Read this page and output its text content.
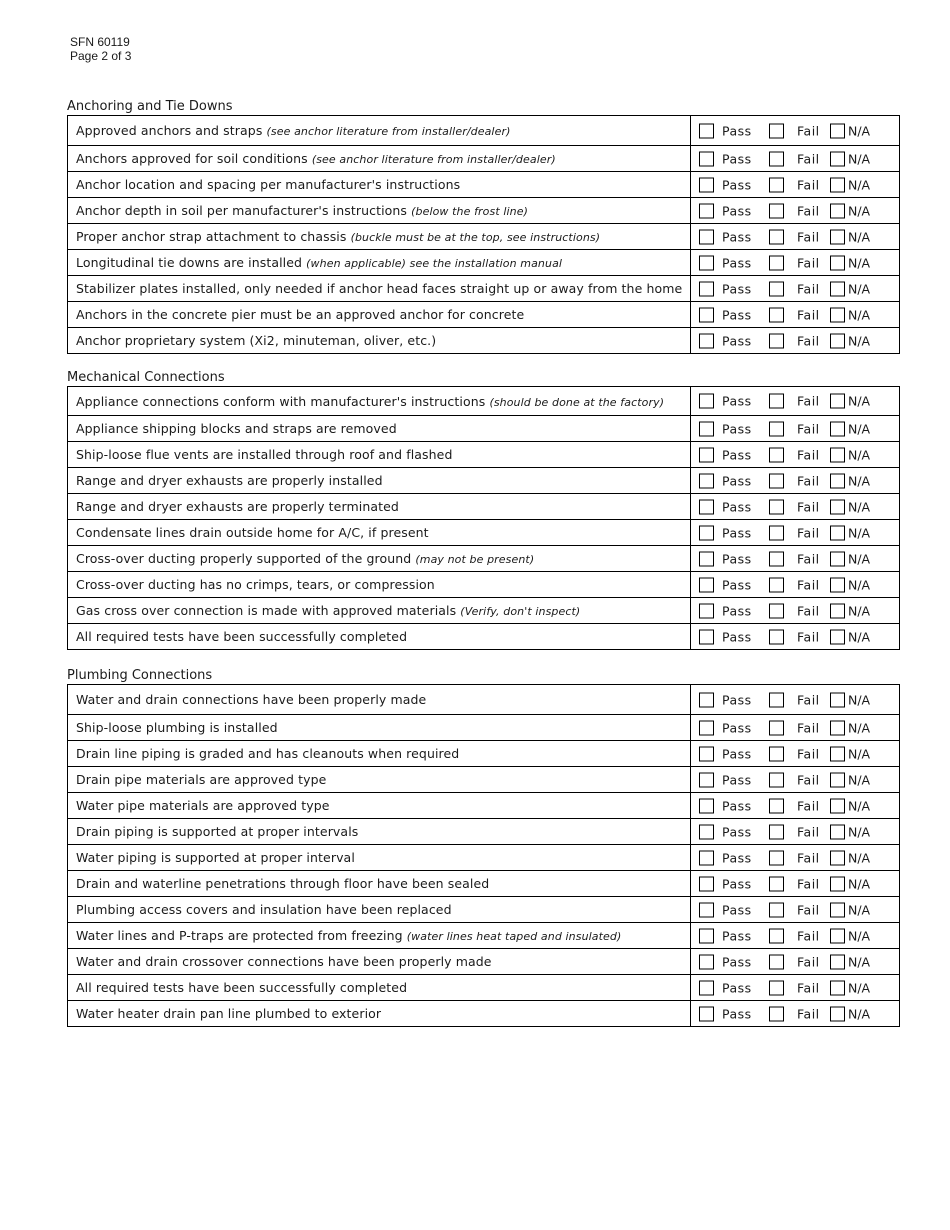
SFN 60119
Page 2 of 3
Anchoring and Tie Downs
Approved anchors and straps (see anchor literature from installer/dealer)	Pass Fail N/A

Anchors approved for soil conditions (see anchor literature from installer/dealer)	Pass Fail N/A

Anchor location and spacing per manufacturer's instructions	Pass Fail N/A

Anchor depth in soil per manufacturer's instructions (below the frost line)	Pass Fail N/A

Proper anchor strap attachment to chassis (buckle must be at the top, see instructions)	Pass Fail N/A

Longitudinal tie downs are installed (when applicable) see the installation manual	Pass Fail N/A

Stabilizer plates installed, only needed if anchor head faces straight up or away from the home	Pass Fail N/A

Anchors in the concrete pier must be an approved anchor for concrete	Pass Fail N/A

Anchor proprietary system (Xi2, minuteman, oliver, etc.)	Pass Fail N/A
Mechanical Connections
Appliance connections conform with manufacturer's instructions (should be done at the factory)	Pass Fail N/A

Appliance shipping blocks and straps are removed	Pass Fail N/A

Ship-loose flue vents are installed through roof and flashed	Pass Fail N/A

Range and dryer exhausts are properly installed	Pass Fail N/A

Range and dryer exhausts are properly terminated	Pass Fail N/A

Condensate lines drain outside home for A/C, if present	Pass Fail N/A

Cross-over ducting properly supported of the ground (may not be present)	Pass Fail N/A

Cross-over ducting has no crimps, tears, or compression	Pass Fail N/A

Gas cross over connection is made with approved materials (Verify, don't inspect)	Pass Fail N/A

All required tests have been successfully completed	Pass Fail N/A
Plumbing Connections
Water and drain connections have been properly made	Pass Fail N/A

Ship-loose plumbing is installed	Pass Fail N/A

Drain line piping is graded and has cleanouts when required	Pass Fail N/A

Drain pipe materials are approved type	Pass Fail N/A

Water pipe materials are approved type	Pass Fail N/A

Drain piping is supported at proper intervals	Pass Fail N/A

Water piping is supported at proper interval	Pass Fail N/A

Drain and waterline penetrations through floor have been sealed	Pass Fail N/A

Plumbing access covers and insulation have been replaced	Pass Fail N/A

Water lines and P-traps are protected from freezing (water lines heat taped and insulated)	Pass Fail N/A

Water and drain crossover connections have been properly made	Pass Fail N/A

All required tests have been successfully completed	Pass Fail N/A

Water heater drain pan line plumbed to exterior	Pass Fail N/A
